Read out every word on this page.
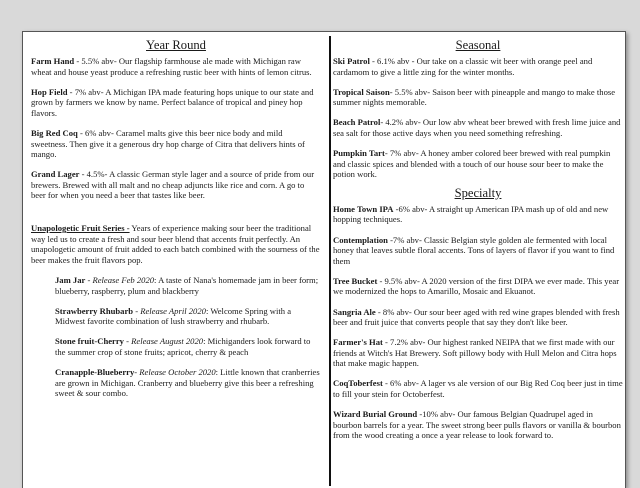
Year Round
Farm Hand - 5.5% abv- Our flagship farmhouse ale made with Michigan raw wheat and house yeast produce a refreshing rustic beer with hints of lemon citrus.
Hop Field - 7% abv- A Michigan IPA made featuring hops unique to our state and grown by farmers we know by name. Perfect balance of tropical and piney hop flavors.
Big Red Coq - 6% abv- Caramel malts give this beer nice body and mild sweetness. Then give it a generous dry hop charge of Citra that delivers hints of mango.
Grand Lager - 4.5%- A classic German style lager and a source of pride from our brewers. Brewed with all malt and no cheap adjuncts like rice and corn. A go to beer for when you need a beer that tastes like beer.
Unapologetic Fruit Series - Years of experience making sour beer the traditional way led us to create a fresh and sour beer blend that accents fruit perfectly. An unapologetic amount of fruit added to each batch combined with the sourness of the beer makes the fruit flavors pop.
Jam Jar - Release Feb 2020: A taste of Nana's homemade jam in beer form; blueberry, raspberry, plum and blackberry
Strawberry Rhubarb - Release April 2020: Welcome Spring with a Midwest favorite combination of lush strawberry and rhubarb.
Stone fruit-Cherry - Release August 2020: Michiganders look forward to the summer crop of stone fruits; apricot, cherry & peach
Cranapple-Blueberry- Release October 2020: Little known that cranberries are grown in Michigan. Cranberry and blueberry give this beer a refreshing sweet & sour combo.
Seasonal
Ski Patrol - 6.1% abv - Our take on a classic wit beer with orange peel and cardamom to give a little zing for the winter months.
Tropical Saison- 5.5% abv- Saison beer with pineapple and mango to make those summer nights memorable.
Beach Patrol- 4.2% abv- Our low abv wheat beer brewed with fresh lime juice and sea salt for those active days when you need something refreshing.
Pumpkin Tart- 7% abv- A honey amber colored beer brewed with real pumpkin and classic spices and blended with a touch of our house sour beer to make the potion work.
Specialty
Home Town IPA -6% abv- A straight up American IPA mash up of old and new hopping techniques.
Contemplation -7% abv- Classic Belgian style golden ale fermented with local honey that leaves subtle floral accents. Tons of layers of flavor if you want to find them
Tree Bucket - 9.5% abv- A 2020 version of the first DIPA we ever made. This year we modernized the hops to Amarillo, Mosaic and Ekuanot.
Sangria Ale - 8% abv- Our sour beer aged with red wine grapes blended with fresh beer and fruit juice that converts people that say they don't like beer.
Farmer's Hat - 7.2% abv- Our highest ranked NEIPA that we first made with our friends at Witch's Hat Brewery. Soft pillowy body with Hull Melon and Citra hops that make magic happen.
CoqToberfest - 6% abv- A lager vs ale version of our Big Red Coq beer just in time to fill your stein for Octoberfest.
Wizard Burial Ground -10% abv- Our famous Belgian Quadrupel aged in bourbon barrels for a year. The sweet strong beer pulls flavors or vanilla & bourbon from the wood creating a once a year release to look forward to.
